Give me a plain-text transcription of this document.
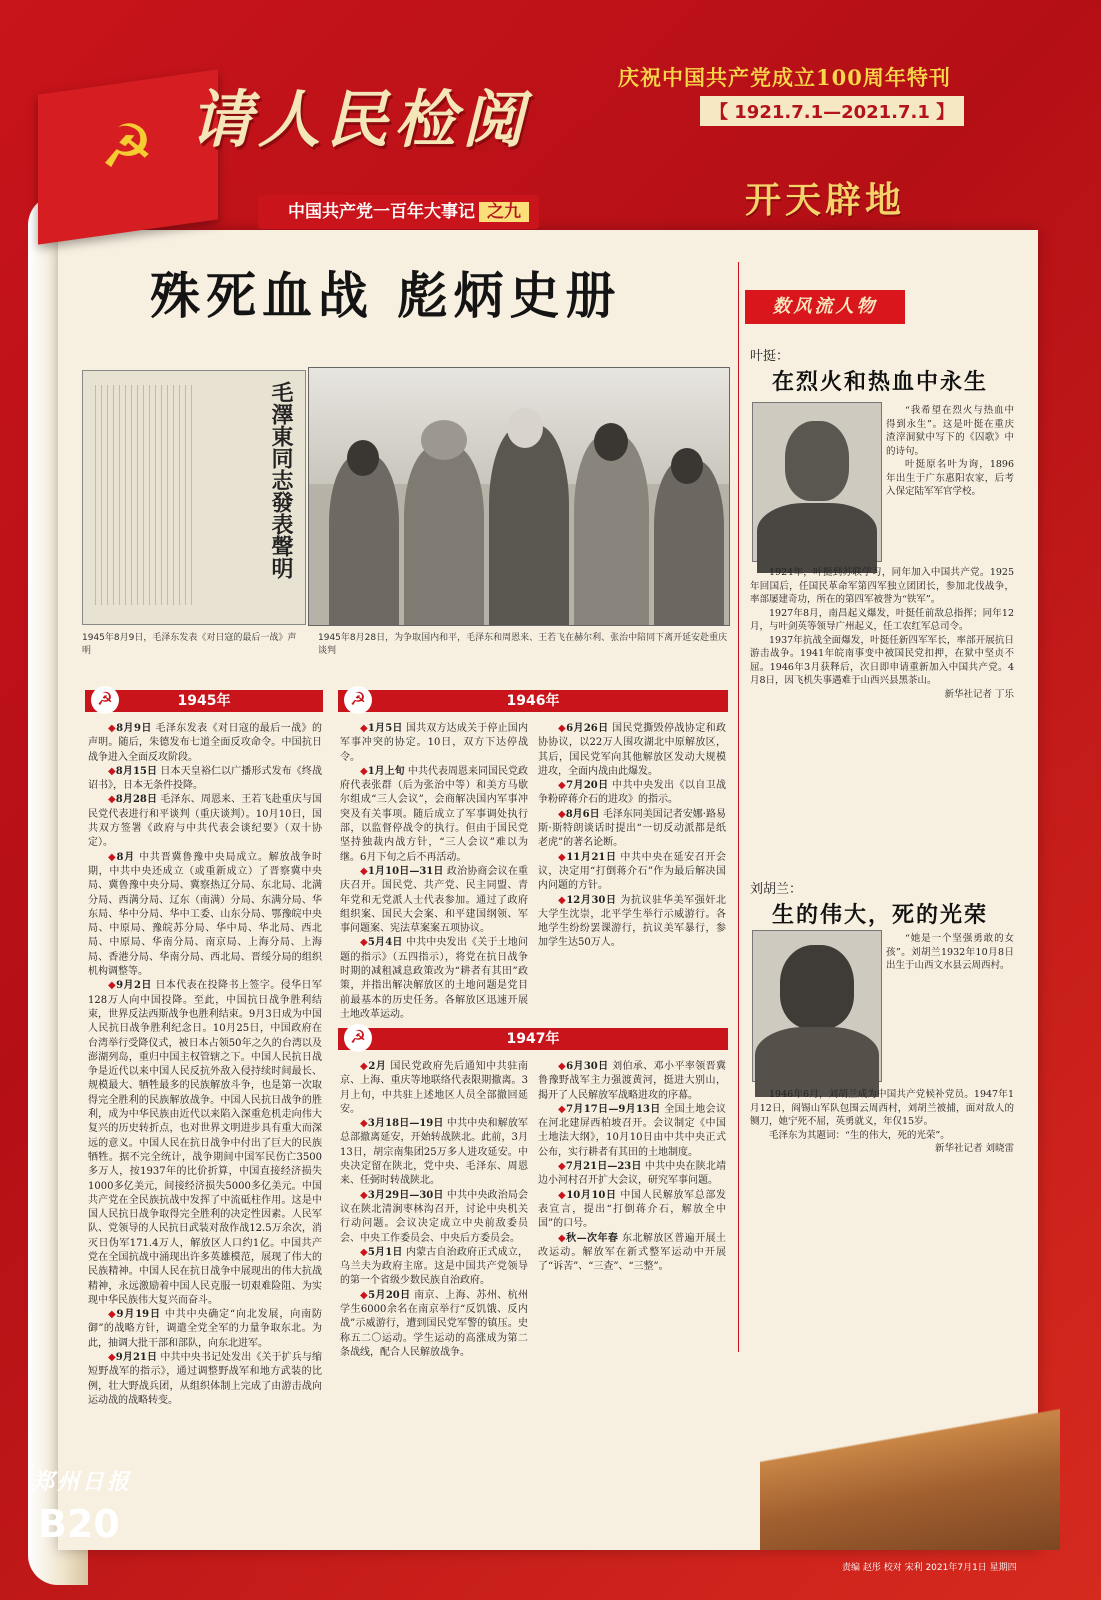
☭ 请人民检阅
庆祝中国共产党成立100周年特刊
【 1921.7.1—2021.7.1 】
开天辟地
中国共产党一百年大事记 之九
殊死血战 彪炳史册
毛澤東同志發表聲明
1945年8月9日，毛泽东发表《对日寇的最后一战》声明
1945年8月28日，为争取国内和平，毛泽东和周恩来、王若飞在赫尔利、张治中陪同下离开延安赴重庆谈判
☭	1945年

◆8月9日 毛泽东发表《对日寇的最后一战》的声明。随后，朱德发布七道全面反攻命令。中国抗日战争进入全面反攻阶段。

◆8月15日 日本天皇裕仁以广播形式发布《终战诏书》，日本无条件投降。

◆8月28日 毛泽东、周恩来、王若飞赴重庆与国民党代表进行和平谈判（重庆谈判）。10月10日，国共双方签署《政府与中共代表会谈纪要》（双十协定）。

◆8月 中共晋冀鲁豫中央局成立。解放战争时期，中共中央还成立（或重新成立）了晋察冀中央局、冀鲁豫中央分局、冀察热辽分局、东北局、北满分局、西满分局、辽东（南满）分局、东满分局、华东局、华中分局、华中工委、山东分局、鄂豫皖中央局、中原局、豫皖苏分局、华中局、华北局、西北局、中原局、华南分局、南京局、上海分局、上海局、香港分局、华南分局、西北局、晋绥分局的组织机构调整等。

◆9月2日 日本代表在投降书上签字。侵华日军128万人向中国投降。至此，中国抗日战争胜利结束，世界反法西斯战争也胜利结束。9月3日成为中国人民抗日战争胜利纪念日。10月25日，中国政府在台湾举行受降仪式，被日本占领50年之久的台湾以及澎湖列岛，重归中国主权管辖之下。中国人民抗日战争是近代以来中国人民反抗外敌入侵持续时间最长、规模最大、牺牲最多的民族解放斗争，也是第一次取得完全胜利的民族解放战争。中国人民抗日战争的胜利，成为中华民族由近代以来陷入深重危机走向伟大复兴的历史转折点，也对世界文明进步具有重大而深远的意义。中国人民在抗日战争中付出了巨大的民族牺牲。据不完全统计，战争期间中国军民伤亡3500多万人，按1937年的比价折算，中国直接经济损失1000多亿美元，间接经济损失5000多亿美元。中国共产党在全民族抗战中发挥了中流砥柱作用。这是中国人民抗日战争取得完全胜利的决定性因素。人民军队、党领导的人民抗日武装对敌作战12.5万余次，消灭日伪军171.4万人，解放区人口约1亿。中国共产党在全国抗战中涌现出许多英雄模范，展现了伟大的民族精神。中国人民在抗日战争中展现出的伟大抗战精神，永远激励着中国人民克服一切艰难险阻、为实现中华民族伟大复兴而奋斗。

◆9月19日 中共中央确定“向北发展，向南防御”的战略方针，调遣全党全军的力量争取东北。为此，抽调大批干部和部队，向东北进军。

◆9月21日 中共中央书记处发出《关于扩兵与缩短野战军的指示》，通过调整野战军和地方武装的比例，壮大野战兵团，从组织体制上完成了由游击战向运动战的战略转变。

☭	1946年

◆1月5日 国共双方达成关于停止国内军事冲突的协定。10日，双方下达停战令。

◆1月上旬 中共代表周恩来同国民党政府代表张群（后为张治中等）和美方马歇尔组成“三人会议”，会商解决国内军事冲突及有关事项。随后成立了军事调处执行部，以监督停战令的执行。但由于国民党坚持独裁内战方针，“三人会议”难以为继。6月下旬之后不再活动。

◆1月10日—31日 政治协商会议在重庆召开。国民党、共产党、民主同盟、青年党和无党派人士代表参加。通过了政府组织案、国民大会案、和平建国纲领、军事问题案、宪法草案案五项协议。

◆5月4日 中共中央发出《关于土地问题的指示》（五四指示），将党在抗日战争时期的减租减息政策改为“耕者有其田”政策，并指出解决解放区的土地问题是党目前最基本的历史任务。各解放区迅速开展土地改革运动。

◆6月26日 国民党撕毁停战协定和政协协议，以22万人围攻湖北中原解放区，其后，国民党军向其他解放区发动大规模进攻，全面内战由此爆发。

◆7月20日 中共中央发出《以自卫战争粉碎蒋介石的进攻》的指示。

◆8月6日 毛泽东同美国记者安娜·路易斯·斯特朗谈话时提出“一切反动派都是纸老虎”的著名论断。

◆11月21日 中共中央在延安召开会议，决定用“打倒蒋介石”作为最后解决国内问题的方针。

◆12月30日 为抗议驻华美军强奸北大学生沈崇，北平学生举行示威游行。各地学生纷纷罢课游行，抗议美军暴行，参加学生达50万人。

☭	1947年

◆2月 国民党政府先后通知中共驻南京、上海、重庆等地联络代表限期撤离。3月上旬，中共驻上述地区人员全部撤回延安。

◆3月18日—19日 中共中央和解放军总部撤离延安，开始转战陕北。此前，3月13日，胡宗南集团25万多人进攻延安。中央决定留在陕北，党中央、毛泽东、周恩来、任弼时转战陕北。

◆3月29日—30日 中共中央政治局会议在陕北清涧枣林沟召开，讨论中央机关行动问题。会议决定成立中央前敌委员会、中央工作委员会、中央后方委员会。

◆5月1日 内蒙古自治政府正式成立，乌兰夫为政府主席。这是中国共产党领导的第一个省级少数民族自治政府。

◆5月20日 南京、上海、苏州、杭州学生6000余名在南京举行“反饥饿、反内战”示威游行，遭到国民党军警的镇压。史称五二〇运动。学生运动的高涨成为第二条战线，配合人民解放战争。

◆6月30日 刘伯承、邓小平率领晋冀鲁豫野战军主力强渡黄河，挺进大别山，揭开了人民解放军战略进攻的序幕。

◆7月17日—9月13日 全国土地会议在河北建屏西柏坡召开。会议制定《中国土地法大纲》，10月10日由中共中央正式公布，实行耕者有其田的土地制度。

◆7月21日—23日 中共中央在陕北靖边小河村召开扩大会议，研究军事问题。

◆10月10日 中国人民解放军总部发表宣言，提出“打倒蒋介石，解放全中国”的口号。

◆秋—次年春 东北解放区普遍开展土改运动。解放军在新式整军运动中开展了“诉苦”、“三查”、“三整”。

数风流人物
叶挺：
在烈火和热血中永生

“我希望在烈火与热血中得到永生”。这是叶挺在重庆渣滓洞狱中写下的《囚歌》中的诗句。

叶挺原名叶为询，1896年出生于广东惠阳农家，后考入保定陆军军官学校。

1924年，叶挺到苏联学习，同年加入中国共产党。1925年回国后，任国民革命军第四军独立团团长，参加北伐战争，率部屡建奇功，所在的第四军被誉为“铁军”。

1927年8月，南昌起义爆发，叶挺任前敌总指挥；同年12月，与叶剑英等领导广州起义，任工农红军总司令。

1937年抗战全面爆发，叶挺任新四军军长，率部开展抗日游击战争。1941年皖南事变中被国民党扣押，在狱中坚贞不屈。1946年3月获释后，次日即申请重新加入中国共产党。4月8日，因飞机失事遇难于山西兴县黑茶山。

新华社记者 丁乐

刘胡兰：
生的伟大，死的光荣

“她是一个坚强勇敢的女孩”。刘胡兰1932年10月8日出生于山西文水县云周西村。

1946年6月，刘胡兰成为中国共产党候补党员。1947年1月12日，阎锡山军队包围云周西村，刘胡兰被捕，面对敌人的铡刀，她宁死不屈，英勇就义，年仅15岁。

毛泽东为其题词：“生的伟大，死的光荣”。

新华社记者 刘晓雷

郑州日报
B20
责编 赵彤 校对 宋利 2021年7月1日 星期四
